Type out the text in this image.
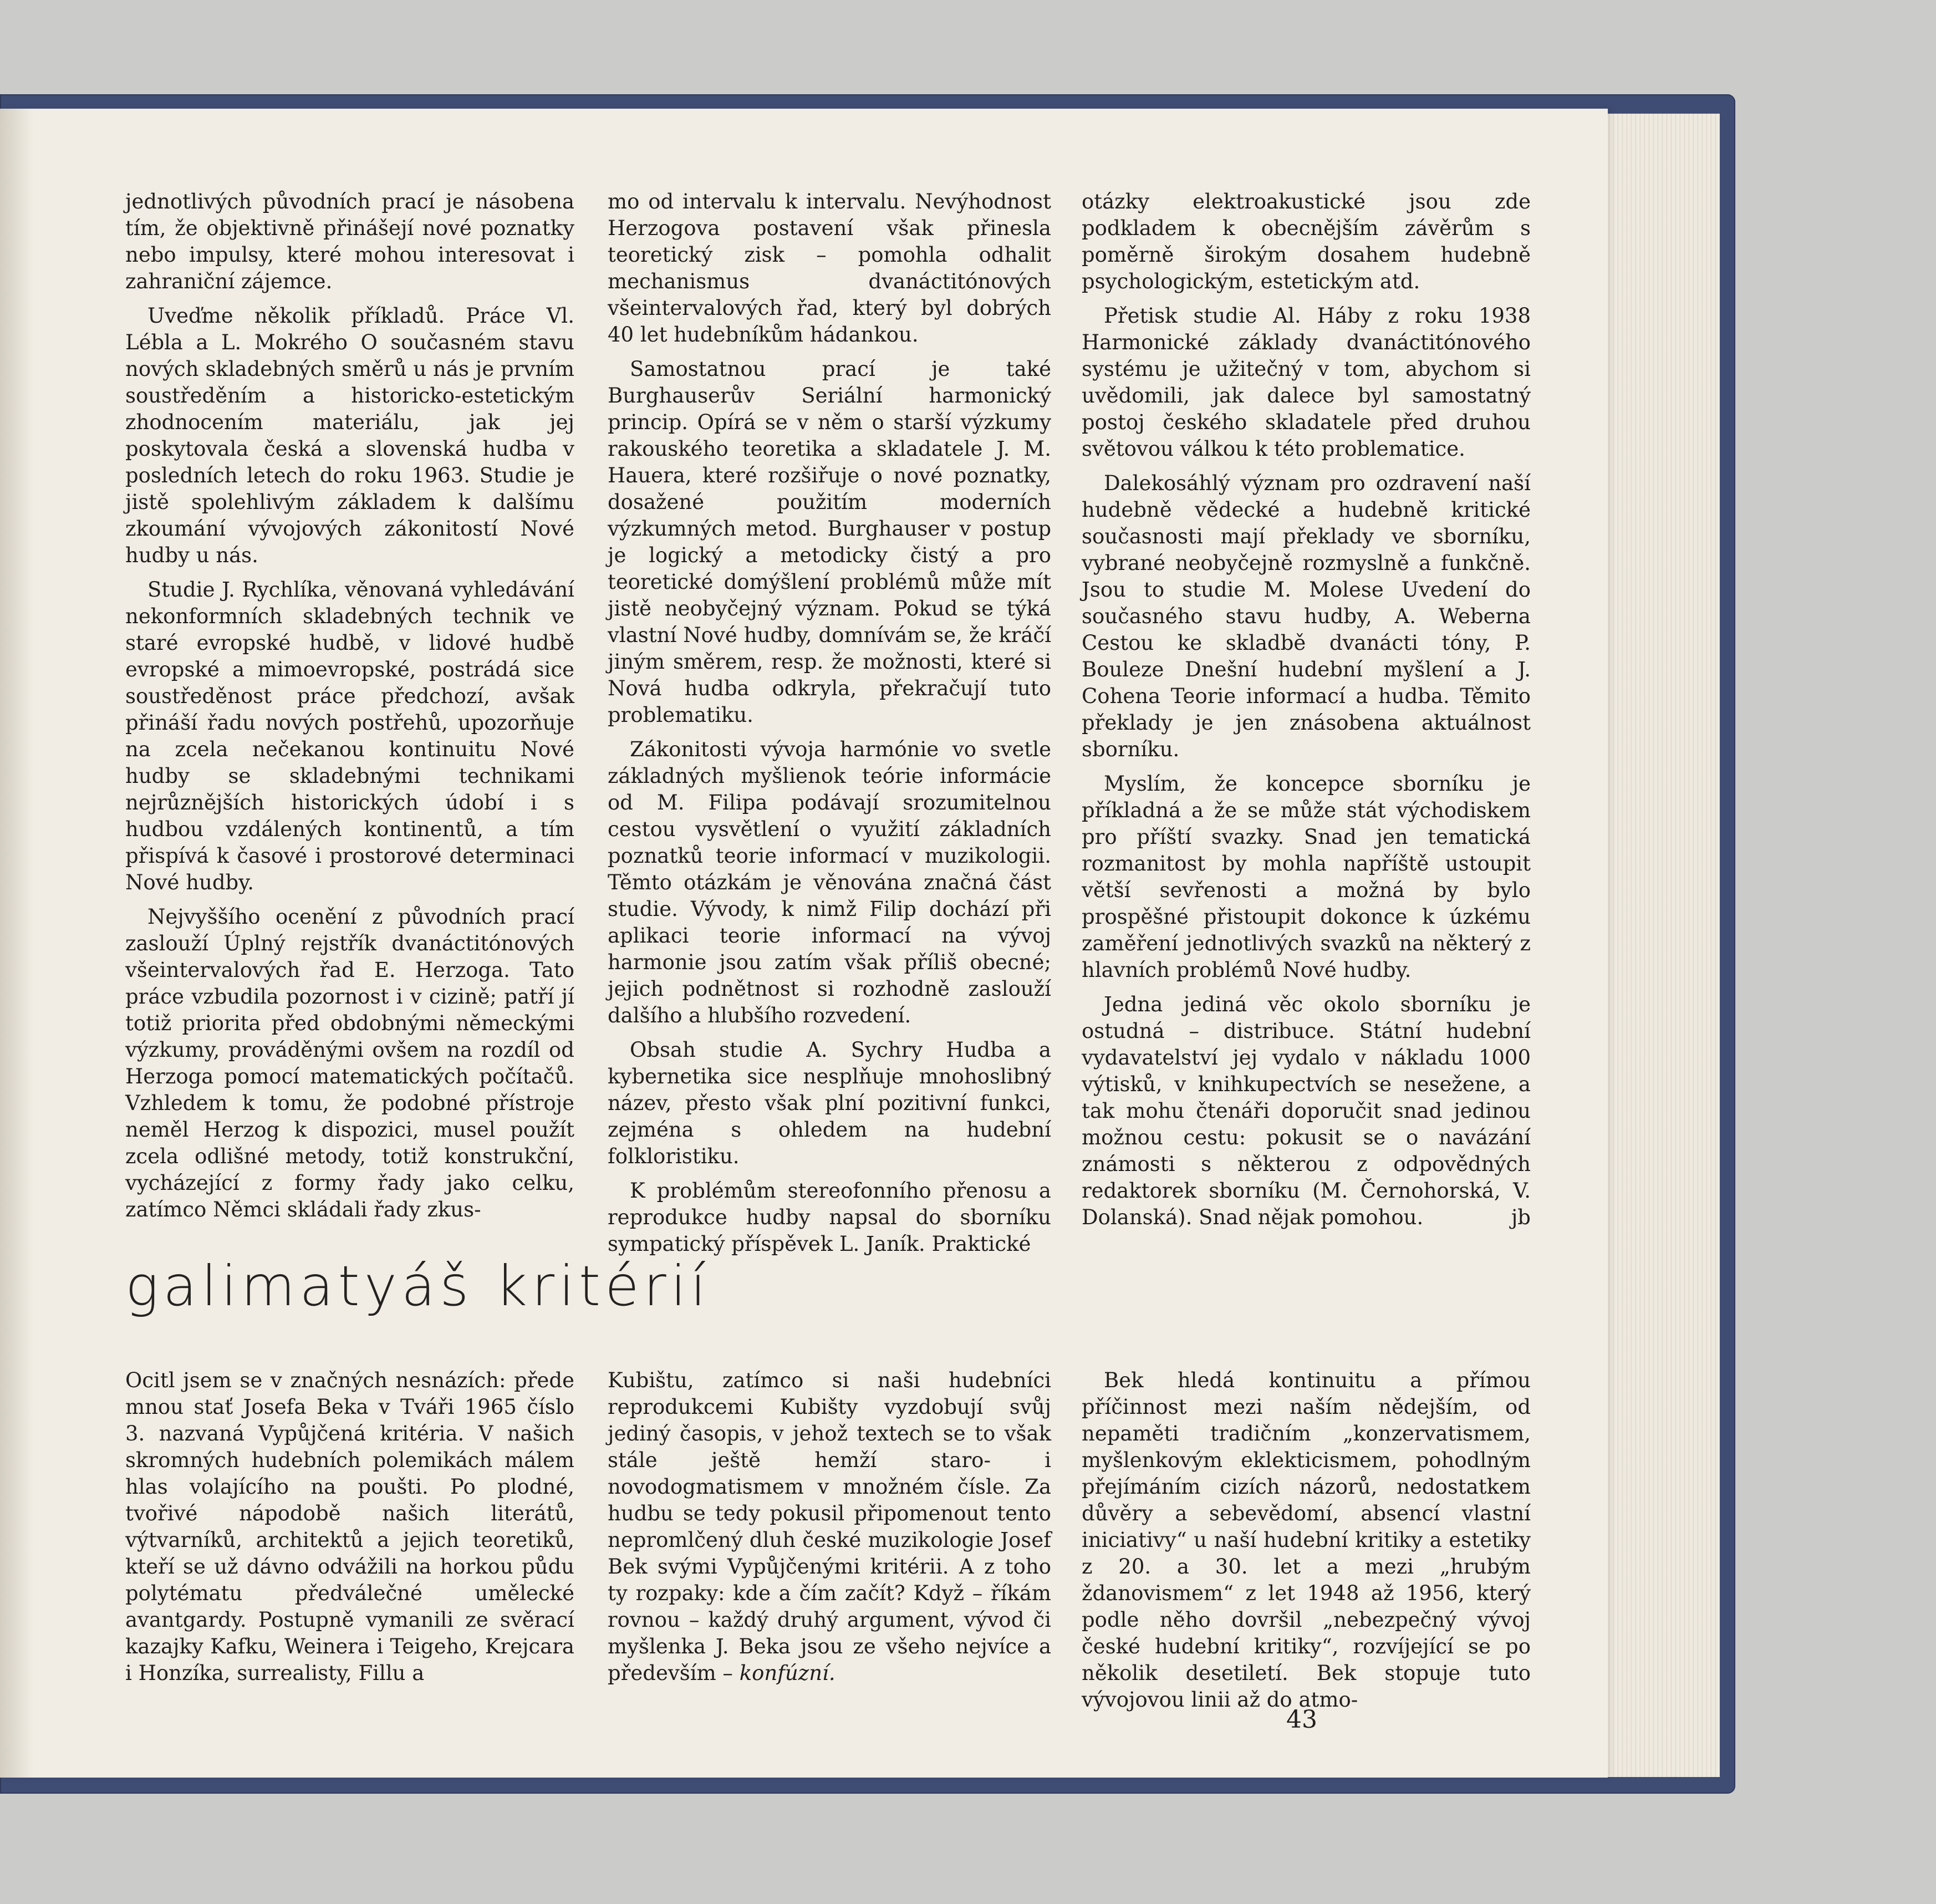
jednotlivých původních prací je násobena tím, že objektivně přinášejí nové poznatky nebo impulsy, které mohou interesovat i zahraniční zájemce.

Uveďme několik příkladů. Práce Vl. Lébla a L. Mokrého O současném stavu nových skladebných směrů u nás je prvním soustředěním a historicko-estetickým zhodnocením materiálu, jak jej poskytovala česká a slovenská hudba v posledních letech do roku 1963. Studie je jistě spolehlivým základem k dalšímu zkoumání vývojových zákonitostí Nové hudby u nás.

Studie J. Rychlíka, věnovaná vyhledávání nekonformních skladebných technik ve staré evropské hudbě, v lidové hudbě evropské a mimoevropské, postrádá sice soustředěnost práce předchozí, avšak přináší řadu nových postřehů, upozorňuje na zcela nečekanou kontinuitu Nové hudby se skladebnými technikami nejrůznějších historických údobí i s hudbou vzdálených kontinentů, a tím přispívá k časové i prostorové determinaci Nové hudby.

Nejvyššího ocenění z původních prací zaslouží Úplný rejstřík dvanáctitónových všeintervalových řad E. Herzoga. Tato práce vzbudila pozornost i v cizině; patří jí totiž priorita před obdobnými německými výzkumy, prováděnými ovšem na rozdíl od Herzoga pomocí matematických počítačů. Vzhledem k tomu, že podobné přístroje neměl Herzog k dispozici, musel použít zcela odlišné metody, totiž konstrukční, vycházející z formy řady jako celku, zatímco Němci skládali řady zkus-

mo od intervalu k intervalu. Nevýhodnost Herzogova postavení však přinesla teoretický zisk – pomohla odhalit mechanismus dvanáctitónových všeintervalových řad, který byl dobrých 40 let hudebníkům hádankou.

Samostatnou prací je také Burghauserův Seriální harmonický princip. Opírá se v něm o starší výzkumy rakouského teoretika a skladatele J. M. Hauera, které rozšiřuje o nové poznatky, dosažené použitím moderních výzkumných metod. Burghauser v postup je logický a metodicky čistý a pro teoretické domýšlení problémů může mít jistě neobyčejný význam. Pokud se týká vlastní Nové hudby, domnívám se, že kráčí jiným směrem, resp. že možnosti, které si Nová hudba odkryla, překračují tuto problematiku.

Zákonitosti vývoja harmónie vo svetle základných myšlienok teórie informácie od M. Filipa podávají srozumitelnou cestou vysvětlení o využití základních poznatků teorie informací v muzikologii. Těmto otázkám je věnována značná část studie. Vývody, k nimž Filip dochází při aplikaci teorie informací na vývoj harmonie jsou zatím však příliš obecné; jejich podnětnost si rozhodně zaslouží dalšího a hlubšího rozvedení.

Obsah studie A. Sychry Hudba a kybernetika sice nesplňuje mnohoslibný název, přesto však plní pozitivní funkci, zejména s ohledem na hudební folkloristiku.

K problémům stereofonního přenosu a reprodukce hudby napsal do sborníku sympatický příspěvek L. Janík. Praktické

otázky elektroakustické jsou zde podkladem k obecnějším závěrům s poměrně širokým dosahem hudebně psychologickým, estetickým atd.

Přetisk studie Al. Háby z roku 1938 Harmonické základy dvanáctitónového systému je užitečný v tom, abychom si uvědomili, jak dalece byl samostatný postoj českého skladatele před druhou světovou válkou k této problematice.

Dalekosáhlý význam pro ozdravení naší hudebně vědecké a hudebně kritické současnosti mají překlady ve sborníku, vybrané neobyčejně rozmyslně a funkčně. Jsou to studie M. Molese Uvedení do současného stavu hudby, A. Weberna Cestou ke skladbě dvanácti tóny, P. Bouleze Dnešní hudební myšlení a J. Cohena Teorie informací a hudba. Těmito překlady je jen znásobena aktuálnost sborníku.

Myslím, že koncepce sborníku je příkladná a že se může stát východiskem pro příští svazky. Snad jen tematická rozmanitost by mohla napříště ustoupit větší sevřenosti a možná by bylo prospěšné přistoupit dokonce k úzkému zaměření jednotlivých svazků na některý z hlavních problémů Nové hudby.

Jedna jediná věc okolo sborníku je ostudná – distribuce. Státní hudební vydavatelství jej vydalo v nákladu 1000 výtisků, v knihkupectvích se nesežene, a tak mohu čtenáři doporučit snad jedinou možnou cestu: pokusit se o navázání známosti s některou z odpovědných redaktorek sborníku (M. Černohorská, V. Dolanská). Snad nějak pomohou.	jb

galimatyáš kritérií

Ocitl jsem se v značných nesnázích: přede mnou stať Josefa Beka v Tváři 1965 číslo 3. nazvaná Vypůjčená kritéria. V našich skromných hudebních polemikách málem hlas volajícího na poušti. Po plodné, tvořivé nápodobě našich literátů, výtvarníků, architektů a jejich teoretiků, kteří se už dávno odvážili na horkou půdu polytématu předválečné umělecké avantgardy. Postupně vymanili ze svěrací kazajky Kafku, Weinera i Teigeho, Krejcara i Honzíka, surrealisty, Fillu a

Kubištu, zatímco si naši hudebníci reprodukcemi Kubišty vyzdobují svůj jediný časopis, v jehož textech se to však stále ještě hemží staro- i novodogmatismem v množném čísle. Za hudbu se tedy pokusil připomenout tento nepromlčený dluh české muzikologie Josef Bek svými Vypůjčenými kritérii. A z toho ty rozpaky: kde a čím začít? Když – říkám rovnou – každý druhý argument, vývod či myšlenka J. Beka jsou ze všeho nejvíce a především – konfúzní.

Bek hledá kontinuitu a přímou příčinnost mezi naším nědejším, od nepaměti tradičním „konzervatismem, myšlenkovým eklekticismem, pohodlným přejímáním cizích názorů, nedostatkem důvěry a sebevědomí, absencí vlastní iniciativy“ u naší hudební kritiky a estetiky z 20. a 30. let a mezi „hrubým ždanovismem“ z let 1948 až 1956, který podle něho dovršil „nebezpečný vývoj české hudební kritiky“, rozvíjející se po několik desetiletí. Bek stopuje tuto vývojovou linii až do atmo-

43
